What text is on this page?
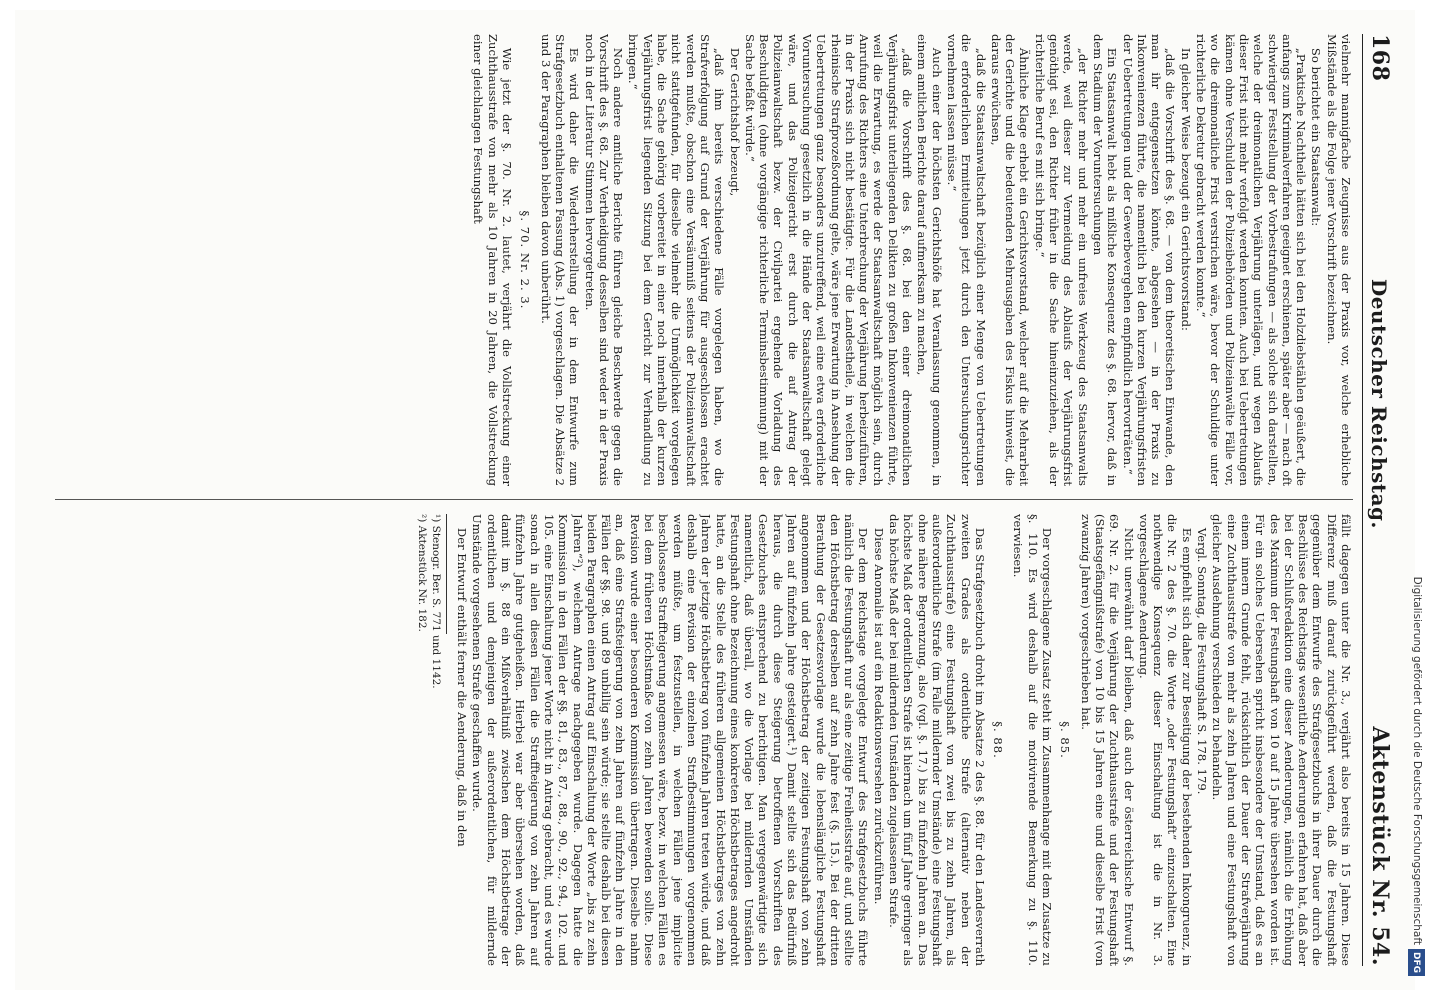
168
Deutscher Reichstag.
Aktenstück Nr. 54.

vielmehr mannigfache Zeugnisse aus der Praxis vor, welche erhebliche Mißstände als die Folge jener Vorschrift bezeichnen.

So berichtet ein Staatsanwalt:

„Praktische Nachtheile hätten sich bei den Holzdiebstählen geäußert, die anfangs zum Kriminalverfahren geeignet erschienen, später aber — nach oft schwieriger Feststellung der Vorbestrafungen — als solche sich darstellten, welche der dreimonatlichen Verjährung unterlägen, und wegen Ablaufs dieser Frist nicht mehr verfolgt werden konnten. Auch bei Uebertretungen kämen ohne Verschulden der Polizeibehörden und Polizeianwälte Fälle vor, wo die dreimonatliche Frist verstrichen wäre, bevor der Schuldige unter richterliche Dekretur gebracht werden konnte.“

In gleicher Weise bezeugt ein Gerichtsvorstand:

„daß die Vorschrift des §. 68. — von dem theoretischen Einwande, den man ihr entgegensetzen könnte, abgesehen — in der Praxis zu Inkonvenienzen führte, die namentlich bei den kurzen Verjährungsfristen der Uebertretungen und der Gewerbevergehen empfindlich hervorträten.“

Ein Staatsanwalt hebt als mißliche Konsequenz des §. 68. hervor, daß in dem Stadium der Voruntersuchungen

„der Richter mehr und mehr ein unfreies Werkzeug des Staatsanwalts werde, weil dieser zur Vermeidung des Ablaufs der Verjährungsfrist genöthigt sei, den Richter früher in die Sache hineinzuziehen, als der richterliche Beruf es mit sich bringe.“

Ähnliche Klage erhebt ein Gerichtsvorstand, welcher auf die Mehrarbeit der Gerichte und die bedeutenden Mehrausgaben des Fiskus hinweist, die daraus erwüchsen,

„daß die Staatsanwaltschaft bezüglich einer Menge von Uebertretungen die erforderlichen Ermittelungen jetzt durch den Untersuchungsrichter vornehmen lassen müsse.“

Auch einer der höchsten Gerichtshöfe hat Veranlassung genommen, in einem amtlichen Berichte darauf aufmerksam zu machen,

„daß die Vorschrift des §. 68. bei den einer dreimonatlichen Verjährungsfrist unterliegenden Delikten zu großen Inkonvenienzen führte, weil die Erwartung, es werde der Staatsanwaltschaft möglich sein, durch Anrufung des Richters eine Unterbrechung der Verjährung herbeizuführen, in der Praxis sich nicht bestätigte. Für die Landestheile, in welchen die rheinische Strafprozeßordnung gelte, wäre jene Erwartung in Ansehung der Uebertretungen ganz besonders unzutreffend, weil eine etwa erforderliche Voruntersuchung gesetzlich in die Hände der Staatsanwaltschaft gelegt wäre, und das Polizeigericht erst durch die auf Antrag der Polizeianwaltschaft bezw. der Civilpartei ergehende Vorladung des Beschuldigten (ohne vorgängige richterliche Terminsbestimmung) mit der Sache befaßt würde.“

Der Gerichtshof bezeugt,

„daß ihm bereits verschiedene Fälle vorgelegen haben, wo die Strafverfolgung auf Grund der Verjährung für ausgeschlossen erachtet werden mußte, obschon eine Versäumniß seitens der Polizeianwaltschaft nicht stattgefunden, für dieselbe vielmehr die Unmöglichkeit vorgelegen habe, die Sache gehörig vorbereitet in einer noch innerhalb der kurzen Verjährungsfrist liegenden Sitzung bei dem Gericht zur Verhandlung zu bringen.“

Noch andere amtliche Berichte führen gleiche Beschwerde gegen die Vorschrift des §. 68. Zur Vertheidigung desselben sind weder in der Praxis noch in der Literatur Stimmen hervorgetreten.

Es wird daher die Wiederherstellung der in dem Entwurfe zum Strafgesetzbuch enthaltenen Fassung (Abs. 1) vorgeschlagen. Die Absätze 2 und 3 der Paragraphen bleiben davon unberührt.

§. 70. Nr. 2. 3.

Wie jetzt der §. 70. Nr. 2. lautet, verjährt die Vollstreckung einer Zuchthausstrafe von mehr als 10 Jahren in 20 Jahren, die Vollstreckung einer gleichlangen Festungshaft

fällt dagegen unter die Nr. 3., verjährt also bereits in 15 Jahren. Diese Differenz muß darauf zurückgeführt werden, daß die Festungshaft gegenüber dem Entwurfe des Strafgesetzbuchs in ihrer Dauer durch die Beschlüsse des Reichstags wesentliche Aenderungen erfahren hat, daß aber bei der Schlußredaktion eine dieser Aenderungen, nämlich die Erhöhung des Maximum der Festungshaft von 10 auf 15 Jahre übersehen worden ist. Für ein solches Uebersehen spricht insbesondere der Umstand, daß es an einem innern Grunde fehlt, rücksichtlich der Dauer der Strafverjährung eine Zuchthausstrafe von mehr als zehn Jahren und eine Festungshaft von gleicher Ausdehnung verschieden zu behandeln.

Vergl. Sonntag, die Festungshaft S. 178. 179.

Es empfiehlt sich daher zur Beseitigung der bestehenden Inkongruenz, in die Nr. 2 des §. 70. die Worte „oder Festungshaft“ einzuschalten. Eine nothwendige Konsequenz dieser Einschaltung ist die in Nr. 3. vorgeschlagene Aenderung.

Nicht unerwähnt darf bleiben, daß auch der österreichische Entwurf §. 69. Nr. 2. für die Verjährung der Zuchthausstrafe und der Festungshaft (Staatsgefängnißstrafe) von 10 bis 15 Jahren eine und dieselbe Frist (von zwanzig Jahren) vorgeschrieben hat.

§. 85.

Der vorgeschlagene Zusatz steht im Zusammenhange mit dem Zusatze zu §. 110. Es wird deshalb auf die motivirende Bemerkung zu §. 110. verwiesen.

§. 88.

Das Strafgesetzbuch droht im Absatze 2 des §. 88. für den Landesverrath zweiten Grades als ordentliche Strafe (alternativ neben der Zuchthausstrafe) eine Festungshaft von zwei bis zu zehn Jahren, als außerordentliche Strafe (im Falle mildernder Umstände) eine Festungshaft ohne nähere Begrenzung, also (vgl. §. 17.) bis zu fünfzehn Jahren an. Das höchste Maß der ordentlichen Strafe ist hiernach um fünf Jahre geringer als das höchste Maß der bei mildernden Umständen zugelassenen Strafe.

Diese Anomalie ist auf ein Redaktionsversehen zurückzuführen.

Der dem Reichstage vorgelegte Entwurf des Strafgesetzbuchs führte nämlich die Festungshaft nur als eine zeitige Freiheitsstrafe auf, und stellte den Höchstbetrag derselben auf zehn Jahre fest (§. 15.). Bei der dritten Berathung der Gesetzesvorlage wurde die lebenslängliche Festungshaft angenommen und der Höchstbetrag der zeitigen Festungshaft von zehn Jahren auf fünfzehn Jahre gesteigert.¹) Damit stellte sich das Bedürfniß heraus, die durch diese Steigerung betroffenen Vorschriften des Gesetzbuches entsprechend zu berichtigen. Man vergegenwärtigte sich namentlich, daß überall, wo die Vorlage bei mildernden Umständen Festungshaft ohne Bezeichnung eines konkreten Höchstbetrages angedroht hatte, an die Stelle des früheren allgemeinen Höchstbetrages von zehn Jahren der jetzige Höchstbetrag von fünfzehn Jahren treten würde, und daß deshalb eine Revision der einzelnen Strafbestimmungen vorgenommen werden müßte, um festzustellen, in welchen Fällen jene implicite beschlossene Straffteigerung angemessen wäre, bezw. in welchen Fällen es bei dem früheren Höchstmaße von zehn Jahren bewenden sollte. Diese Revision wurde einer besonderen Kommission übertragen. Dieselbe nahm an, daß eine Strafsteigerung von zehn Jahren auf fünfzehn Jahre in den Fällen der §§. 98. und 89 unbillig sein würde; sie stellte deshalb bei diesen beiden Paragraphen einen Antrag auf Einschaltung der Worte „bis zu zehn Jahren“²), welchem Antrage nachgegeben wurde. Dagegen hatte die Kommission in den Fällen der §§. 81., 83., 87., 88., 90., 92., 94., 102. und 105. eine Einschaltung jener Worte nicht in Antrag gebracht, und es wurde sonach in allen diesen Fällen die Straffteigerung von zehn Jahren auf fünfzehn Jahre gutgeheißen. Hierbei war aber übersehen worden, daß damit im §. 88 ein Mißverhältniß zwischen dem Höchstbetrage der ordentlichen und demjenigen der außerordentlichen, für mildernde Umstände vorgesehenen Strafe geschaffen wurde.

Der Entwurf enthält ferner die Aenderung, daß in den

¹) Stenogr. Ber. S. 771 und 1142.

²) Aktenstück Nr. 182.

Digitalisierung gefördert durch die Deutsche ForschungsgemeinschaftDFG
